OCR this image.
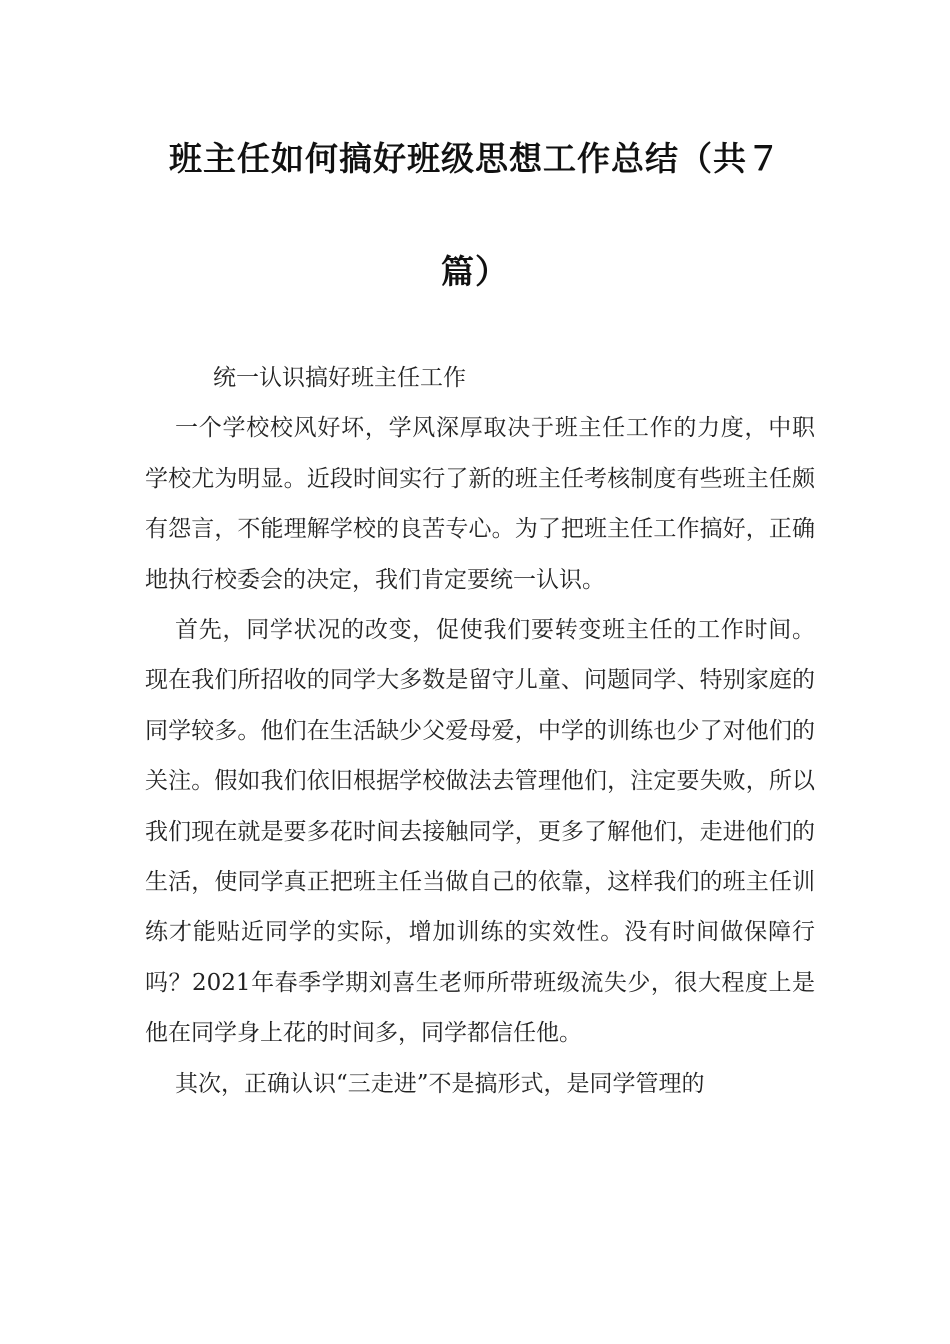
班主任如何搞好班级思想工作总结（共７
篇）

统一认识搞好班主任工作

一个学校校风好坏，学风深厚取决于班主任工作的力度，中职学校尤为明显。近段时间实行了新的班主任考核制度有些班主任颇有怨言，不能理解学校的良苦专心。为了把班主任工作搞好，正确地执行校委会的决定，我们肯定要统一认识。

首先，同学状况的改变，促使我们要转变班主任的工作时间。现在我们所招收的同学大多数是留守儿童、问题同学、特别家庭的同学较多。他们在生活缺少父爱母爱，中学的训练也少了对他们的关注。假如我们依旧根据学校做法去管理他们，注定要失败，所以我们现在就是要多花时间去接触同学，更多了解他们，走进他们的生活，使同学真正把班主任当做自己的依靠，这样我们的班主任训练才能贴近同学的实际，增加训练的实效性。没有时间做保障行吗？2021年春季学期刘喜生老师所带班级流失少，很大程度上是他在同学身上花的时间多，同学都信任他。

其次，正确认识“三走进”不是搞形式，是同学管理的
